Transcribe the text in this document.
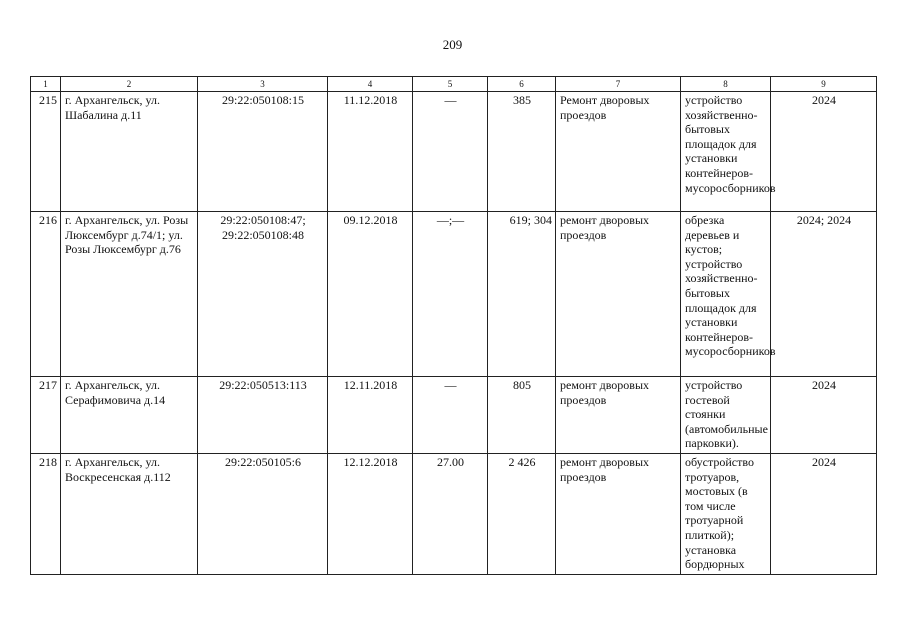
209
1	2	3	4	5	6	7	8	9
215	г. Архангельск, ул. Шабалина д.11	29:22:050108:15	11.12.2018	—	385	Ремонт дворовых проездов	устройство хозяйственно-бытовых площадок для установки контейнеров-мусоросборников	2024
216	г. Архангельск, ул. Розы Люксембург д.74/1; ул. Розы Люксембург д.76	29:22:050108:47; 29:22:050108:48	09.12.2018	—;—	619; 304	ремонт дворовых проездов	обрезка деревьев и кустов; устройство хозяйственно-бытовых площадок для установки контейнеров-мусоросборников	2024; 2024
217	г. Архангельск, ул. Серафимовича д.14	29:22:050513:113	12.11.2018	—	805	ремонт дворовых проездов	устройство гостевой стоянки (автомобильные парковки).	2024
218	г. Архангельск, ул. Воскресенская д.112	29:22:050105:6	12.12.2018	27.00	2 426	ремонт дворовых проездов	обустройство тротуаров, мостовых (в том числе тротуарной плиткой); установка бордюрных	2024
